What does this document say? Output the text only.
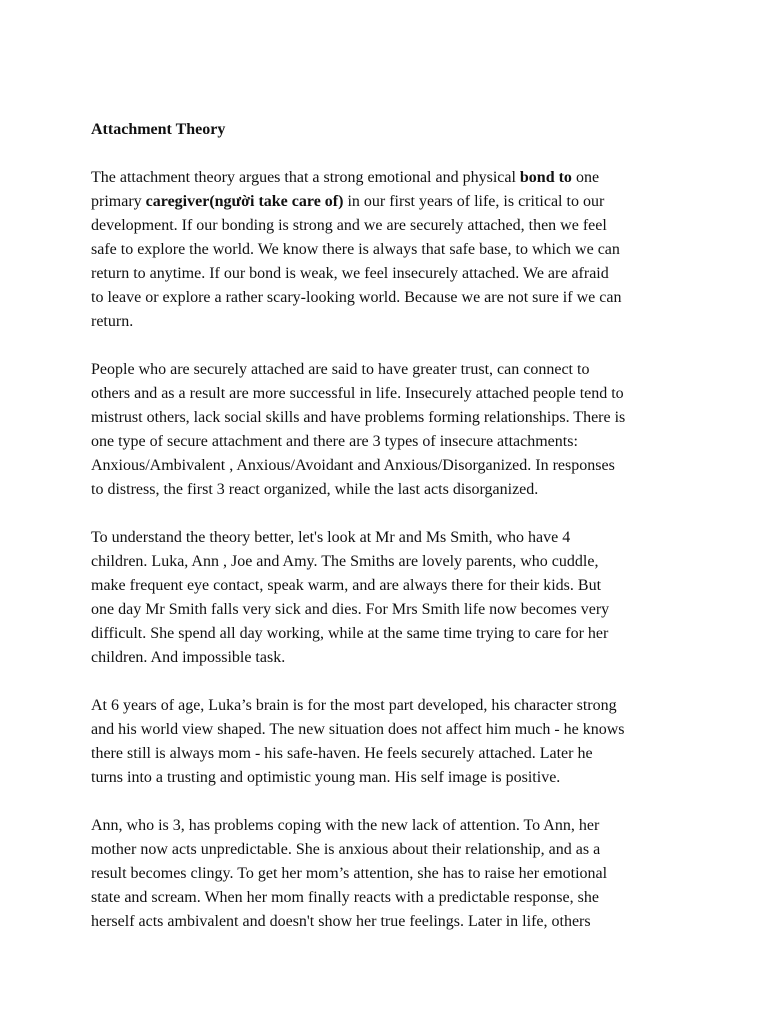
Attachment Theory
The attachment theory argues that a strong emotional and physical bond to one
primary caregiver(người take care of) in our first years of life, is critical to our
development. If our bonding is strong and we are securely attached, then we feel
safe to explore the world. We know there is always that safe base, to which we can
return to anytime. If our bond is weak, we feel insecurely attached. We are afraid
to leave or explore a rather scary-looking world. Because we are not sure if we can
return.
People who are securely attached are said to have greater trust, can connect to
others and as a result are more successful in life. Insecurely attached people tend to
mistrust others, lack social skills and have problems forming relationships. There is
one type of secure attachment and there are 3 types of insecure attachments:
Anxious/Ambivalent , Anxious/Avoidant and Anxious/Disorganized. In responses
to distress, the first 3 react organized, while the last acts disorganized.
To understand the theory better, let's look at Mr and Ms Smith, who have 4
children. Luka, Ann , Joe and Amy. The Smiths are lovely parents, who cuddle,
make frequent eye contact, speak warm, and are always there for their kids. But
one day Mr Smith falls very sick and dies. For Mrs Smith life now becomes very
difficult. She spend all day working, while at the same time trying to care for her
children. And impossible task.
At 6 years of age, Luka’s brain is for the most part developed, his character strong
and his world view shaped. The new situation does not affect him much - he knows
there still is always mom - his safe-haven. He feels securely attached. Later he
turns into a trusting and optimistic young man. His self image is positive.
Ann, who is 3, has problems coping with the new lack of attention. To Ann, her
mother now acts unpredictable. She is anxious about their relationship, and as a
result becomes clingy. To get her mom’s attention, she has to raise her emotional
state and scream. When her mom finally reacts with a predictable response, she
herself acts ambivalent and doesn't show her true feelings. Later in life, others
